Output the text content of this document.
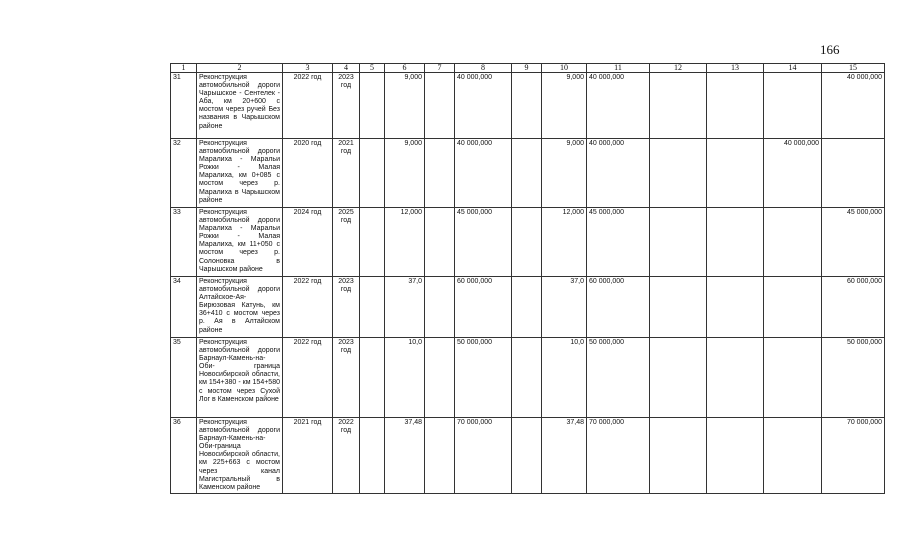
166
1	2	3	4	5	6	7	8	9	10	11	12	13	14	15
31	Реконструкция автомобильной дороги Чарышское - Сентелек - Аба, км 20+600 с мостом через ручей Без названия в Чарышском районе	2022 год	2023 год		9,000		40 000,000		9,000	40 000,000				40 000,000
32	Реконструкция автомобильной дороги Маралиха - Маральи Рожки - Малая Маралиха, км 0+085 с мостом через р. Маралиха в Чарышском районе	2020 год	2021 год		9,000		40 000,000		9,000	40 000,000			40 000,000	
33	Реконструкция автомобильной дороги Маралиха - Маральи Рожки - Малая Маралиха, км 11+050 с мостом через р. Солоновка в Чарышском районе	2024 год	2025 год		12,000		45 000,000		12,000	45 000,000				45 000,000
34	Реконструкция автомобильной дороги Алтайское-Ая-Бирюзовая Катунь, км 36+410 с мостом через р. Ая в Алтайском районе	2022 год	2023 год		37,0		60 000,000		37,0	60 000,000				60 000,000
35	Реконструкция автомобильной дороги Барнаул-Камень-на-Оби- граница Новосибирской области, км 154+380 - км 154+580 с мостом через Сухой Лог в Каменском районе	2022 год	2023 год		10,0		50 000,000		10,0	50 000,000				50 000,000
36	Реконструкция автомобильной дороги Барнаул-Камень-на-Оби-граница Новосибирской области, км 225+663 с мостом через канал Магистральный в Каменском районе	2021 год	2022 год		37,48		70 000,000		37,48	70 000,000				70 000,000
